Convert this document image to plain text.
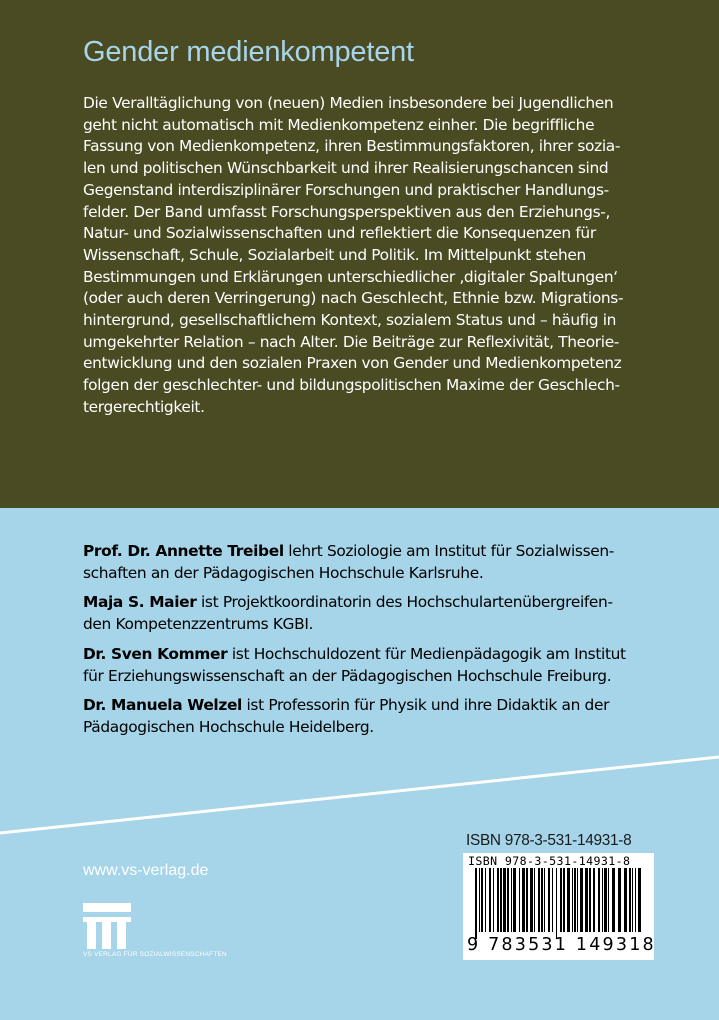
Gender medienkompetent

Die Veralltäglichung von (neuen) Medien insbesondere bei Jugendlichen
geht nicht automatisch mit Medienkompetenz einher. Die begriffliche
Fassung von Medienkompetenz, ihren Bestimmungsfaktoren, ihrer sozia-
len und politischen Wünschbarkeit und ihrer Realisierungschancen sind
Gegenstand interdisziplinärer Forschungen und praktischer Handlungs-
felder. Der Band umfasst Forschungsperspektiven aus den Erziehungs-,
Natur- und Sozialwissenschaften und reflektiert die Konsequenzen für
Wissenschaft, Schule, Sozialarbeit und Politik. Im Mittelpunkt stehen
Bestimmungen und Erklärungen unterschiedlicher ‚digitaler Spaltungen‘
(oder auch deren Verringerung) nach Geschlecht, Ethnie bzw. Migrations-
hintergrund, gesellschaftlichem Kontext, sozialem Status und – häufig in
umgekehrter Relation – nach Alter. Die Beiträge zur Reflexivität, Theorie-
entwicklung und den sozialen Praxen von Gender und Medienkompetenz
folgen der geschlechter- und bildungspolitischen Maxime der Geschlech-
tergerechtigkeit.

Prof. Dr. Annette Treibel lehrt Soziologie am Institut für Sozialwissen-
schaften an der Pädagogischen Hochschule Karlsruhe.

Maja S. Maier ist Projektkoordinatorin des Hochschulartenübergreifen-
den Kompetenzzentrums KGBI.

Dr. Sven Kommer ist Hochschuldozent für Medienpädagogik am Institut
für Erziehungswissenschaft an der Pädagogischen Hochschule Freiburg.

Dr. Manuela Welzel ist Professorin für Physik und ihre Didaktik an der
Pädagogischen Hochschule Heidelberg.

www.vs-verlag.de

VS VERLAG FÜR SOZIALWISSENSCHAFTEN

ISBN 978-3-531-14931-8

ISBN 978-3-531-14931-8

9 783531 149318
